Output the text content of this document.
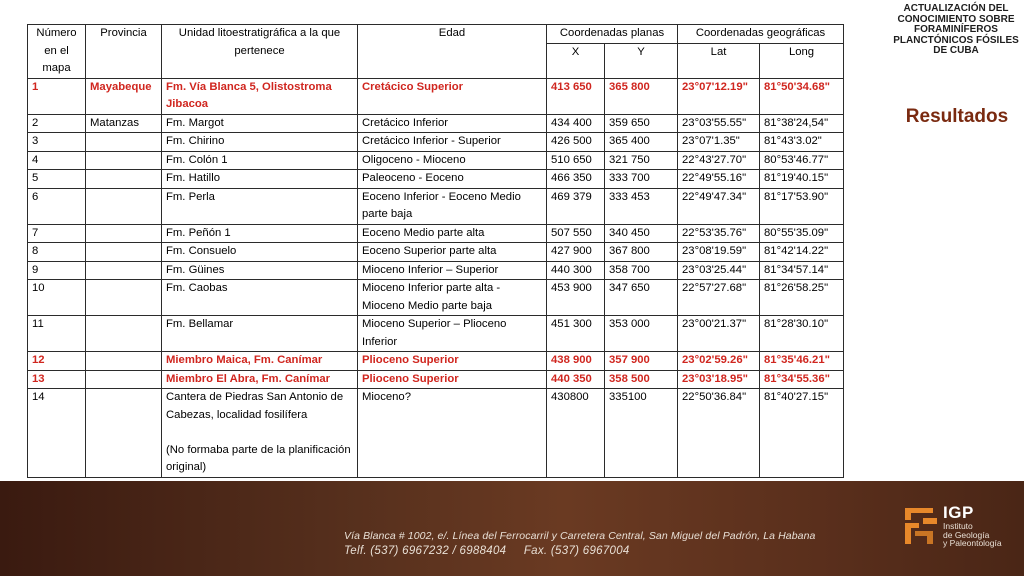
ACTUALIZACIÓN DEL CONOCIMIENTO SOBRE FORAMINÍFEROS PLANCTÓNICOS FÓSILES DE CUBA
Resultados
Número en el mapa	Provincia	Unidad litoestratigráfica a la que pertenece	Edad	Coordenadas planas		Coordenadas geográficas	
				X	Y	Lat	Long
1	Mayabeque	Fm. Vía Blanca 5, Olistostroma Jibacoa	Cretácico Superior	413 650	365 800	23°07'12.19"	81°50'34.68"
2	Matanzas	Fm. Margot	Cretácico Inferior	434 400	359 650	23°03'55.55"	81°38'24,54"
3		Fm. Chirino	Cretácico Inferior - Superior	426 500	365 400	23°07'1.35"	81°43'3.02"
4		Fm. Colón 1	Oligoceno - Mioceno	510 650	321 750	22°43'27.70"	80°53'46.77"
5		Fm. Hatillo	Paleoceno - Eoceno	466 350	333 700	22°49'55.16"	81°19'40.15"
6		Fm. Perla	Eoceno Inferior - Eoceno Medio parte baja	469 379	333 453	22°49'47.34"	81°17'53.90"
7		Fm. Peñón 1	Eoceno Medio parte alta	507 550	340 450	22°53'35.76"	80°55'35.09"
8		Fm. Consuelo	Eoceno Superior parte alta	427 900	367 800	23°08'19.59"	81°42'14.22"
9		Fm. Güines	Mioceno Inferior – Superior	440 300	358 700	23°03'25.44"	81°34'57.14"
10		Fm. Caobas	Mioceno Inferior parte alta - Mioceno Medio parte baja	453 900	347 650	22°57'27.68"	81°26'58.25"
11		Fm. Bellamar	Mioceno Superior – Plioceno Inferior	451 300	353 000	23°00'21.37"	81°28'30.10"
12		Miembro Maica, Fm. Canímar	Plioceno Superior	438 900	357 900	23°02'59.26"	81°35'46.21"
13		Miembro El Abra, Fm. Canímar	Plioceno Superior	440 350	358 500	23°03'18.95"	81°34'55.36"
14		Cantera de Piedras San Antonio de Cabezas, localidad fosilífera
(No formaba parte de la planificación original)	Mioceno?	430800	335100	22°50'36.84"	81°40'27.15"
Vía Blanca # 1002, e/. Línea del Ferrocarril y Carretera Central, San Miguel del Padrón, La Habana
Telf. (537) 6967232 / 6988404 Fax. (537) 6967004
IGP
Instituto
de Geología
y Paleontología
